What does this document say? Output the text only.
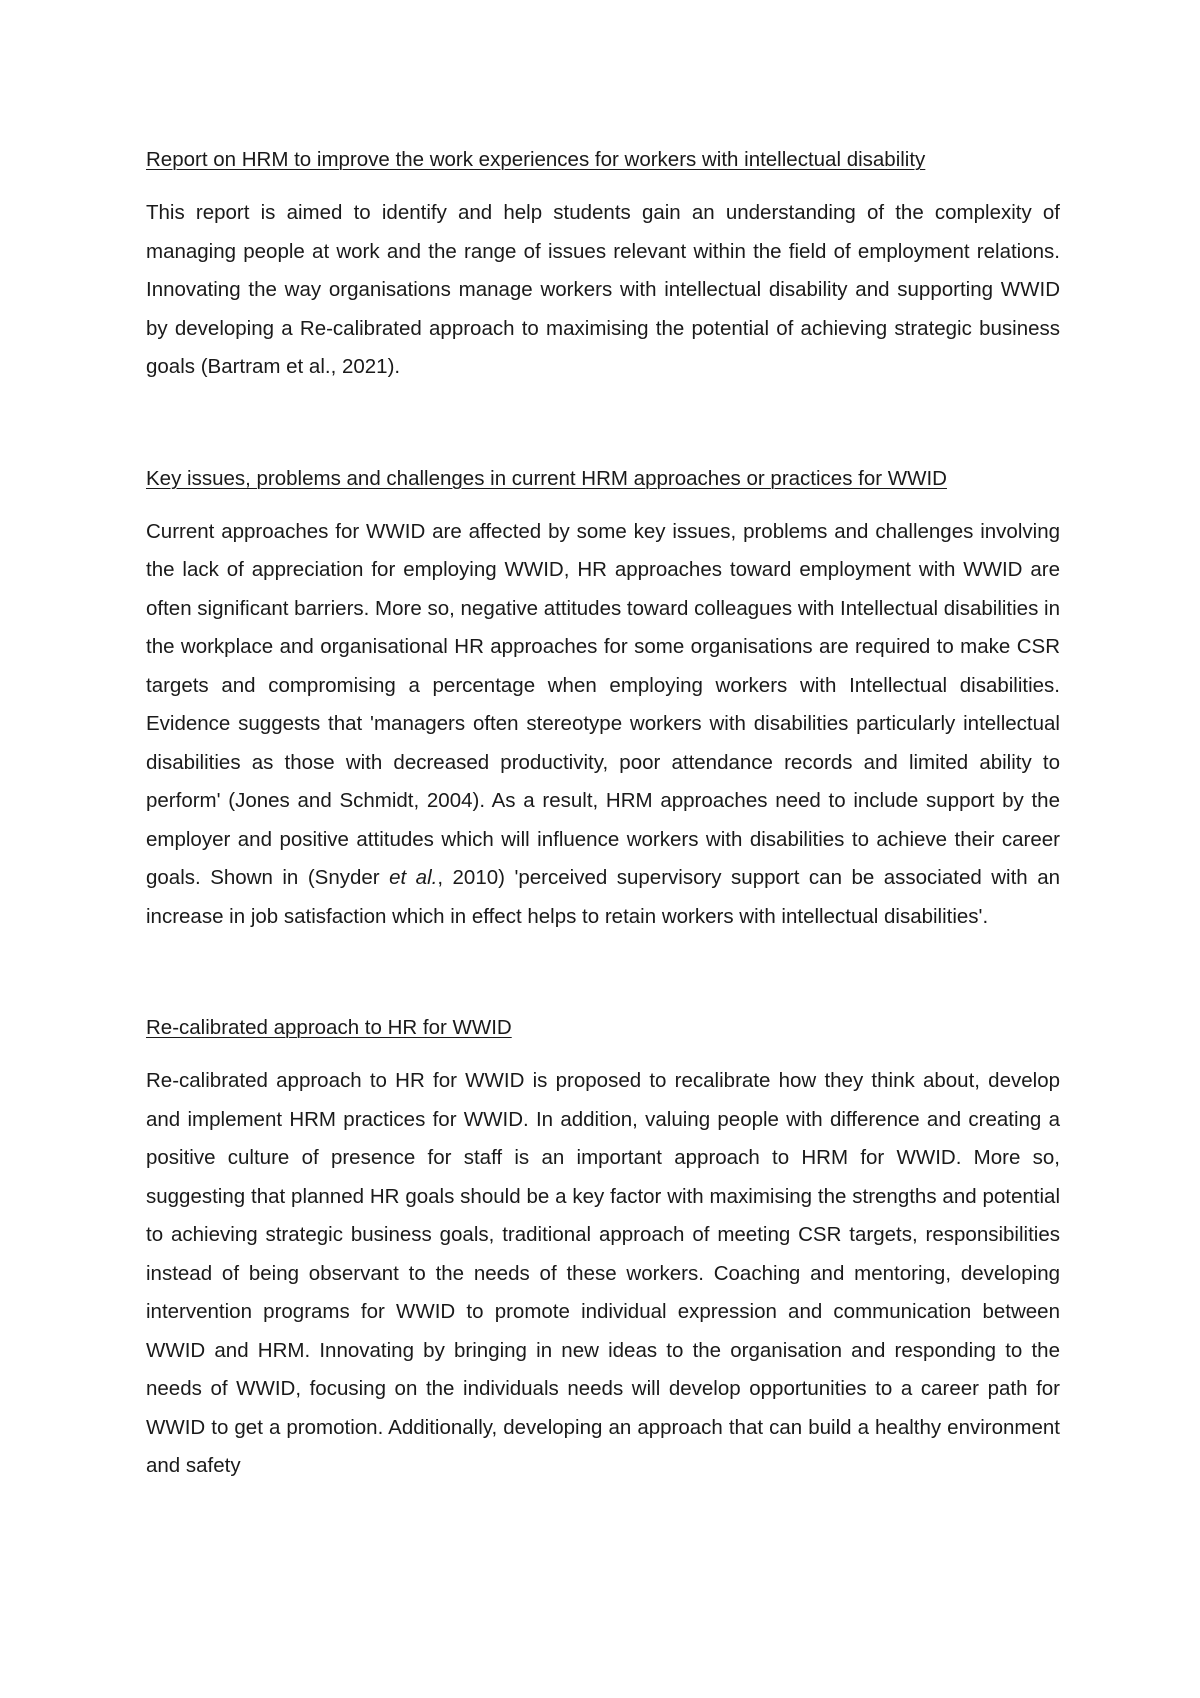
Report on HRM to improve the work experiences for workers with intellectual disability

This report is aimed to identify and help students gain an understanding of the complexity of managing people at work and the range of issues relevant within the field of employment relations. Innovating the way organisations manage workers with intellectual disability and supporting WWID by developing a Re-calibrated approach to maximising the potential of achieving strategic business goals (Bartram et al., 2021).

Key issues, problems and challenges in current HRM approaches or practices for WWID

Current approaches for WWID are affected by some key issues, problems and challenges involving the lack of appreciation for employing WWID, HR approaches toward employment with WWID are often significant barriers. More so, negative attitudes toward colleagues with Intellectual disabilities in the workplace and organisational HR approaches for some organisations are required to make CSR targets and compromising a percentage when employing workers with Intellectual disabilities. Evidence suggests that 'managers often stereotype workers with disabilities particularly intellectual disabilities as those with decreased productivity, poor attendance records and limited ability to perform' (Jones and Schmidt, 2004). As a result, HRM approaches need to include support by the employer and positive attitudes which will influence workers with disabilities to achieve their career goals. Shown in (Snyder et al., 2010) 'perceived supervisory support can be associated with an increase in job satisfaction which in effect helps to retain workers with intellectual disabilities'.

Re-calibrated approach to HR for WWID

Re-calibrated approach to HR for WWID is proposed to recalibrate how they think about, develop and implement HRM practices for WWID. In addition, valuing people with difference and creating a positive culture of presence for staff is an important approach to HRM for WWID. More so, suggesting that planned HR goals should be a key factor with maximising the strengths and potential to achieving strategic business goals, traditional approach of meeting CSR targets, responsibilities instead of being observant to the needs of these workers. Coaching and mentoring, developing intervention programs for WWID to promote individual expression and communication between WWID and HRM. Innovating by bringing in new ideas to the organisation and responding to the needs of WWID, focusing on the individuals needs will develop opportunities to a career path for WWID to get a promotion. Additionally, developing an approach that can build a healthy environment and safety
